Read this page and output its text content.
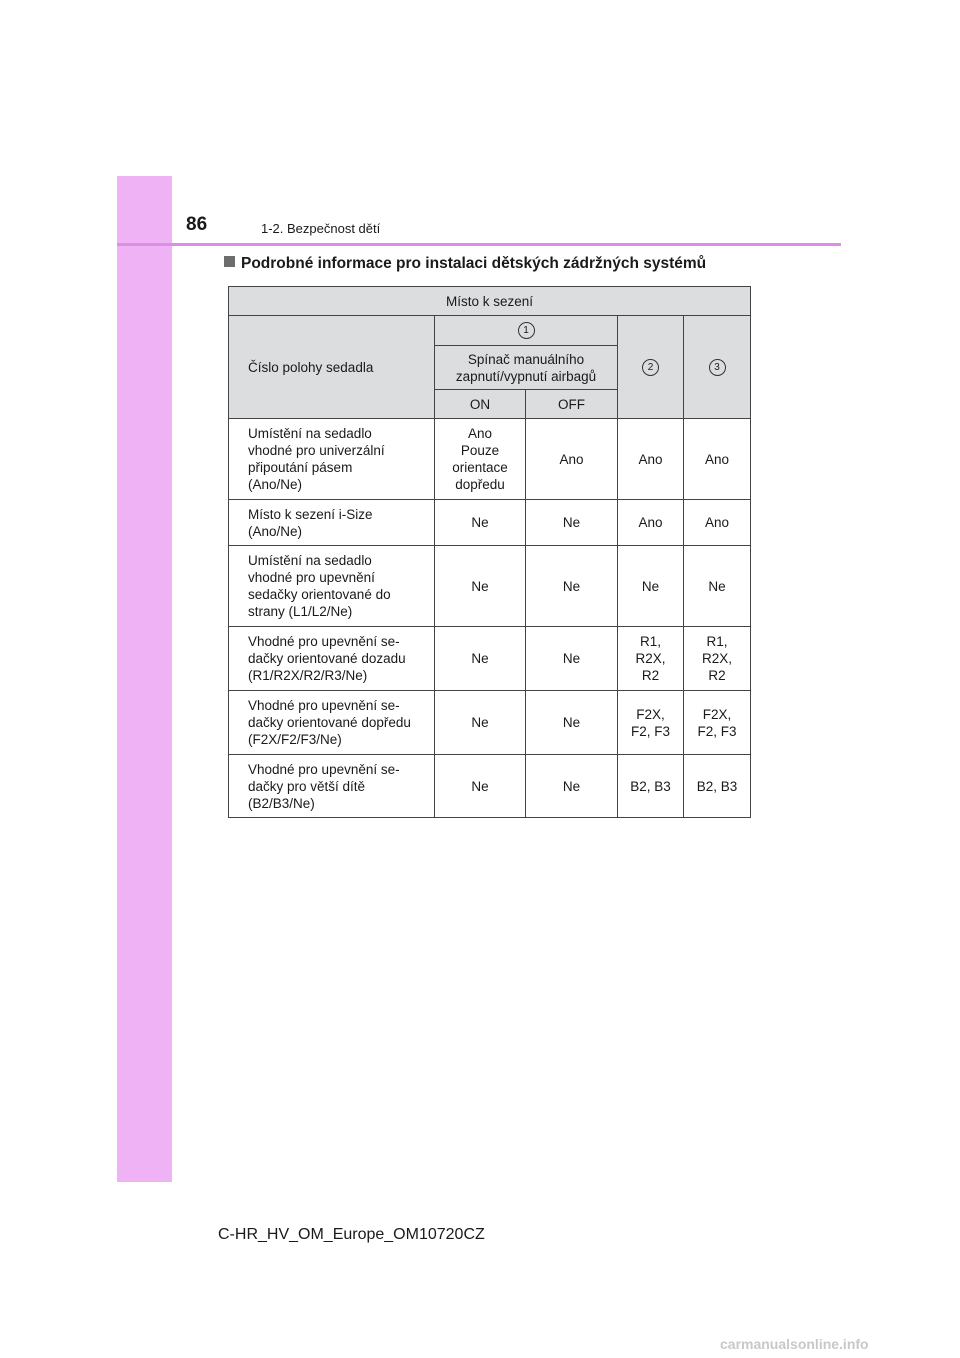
86	1-2. Bezpečnost dětí
Podrobné informace pro instalaci dětských zádržných systémů
Místo k sezení				
Číslo polohy sedadla	1		2	3
	Spínač manuálního
zapnutí/vypnutí airbagů			
	ON	OFF		
Umístění na sedadlo
vhodné pro univerzální
připoutání pásem
(Ano/Ne)	Ano
Pouze
orientace
dopředu	Ano	Ano	Ano
Místo k sezení i-Size
(Ano/Ne)	Ne	Ne	Ano	Ano
Umístění na sedadlo
vhodné pro upevnění
sedačky orientované do
strany (L1/L2/Ne)	Ne	Ne	Ne	Ne
Vhodné pro upevnění se-
dačky orientované dozadu
(R1/R2X/R2/R3/Ne)	Ne	Ne	R1,
R2X,
R2	R1,
R2X,
R2
Vhodné pro upevnění se-
dačky orientované dopředu
(F2X/F2/F3/Ne)	Ne	Ne	F2X,
F2, F3	F2X,
F2, F3
Vhodné pro upevnění se-
dačky pro větší dítě
(B2/B3/Ne)	Ne	Ne	B2, B3	B2, B3
C-HR_HV_OM_Europe_OM10720CZ
carmanualsonline.info
